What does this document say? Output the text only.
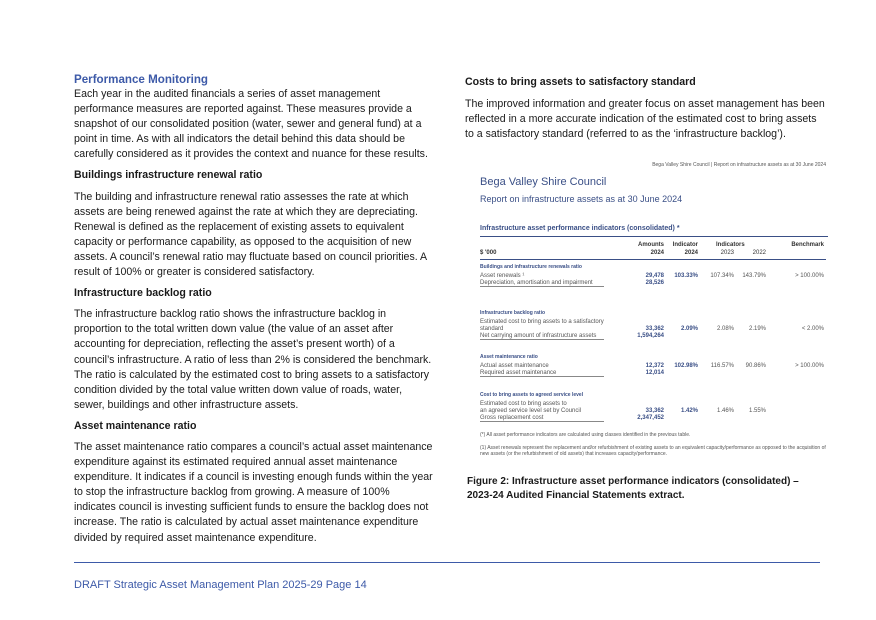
Performance Monitoring

Each year in the audited financials a series of asset management performance measures are reported against. These measures provide a snapshot of our consolidated position (water, sewer and general fund) at a point in time. As with all indicators the detail behind this data should be carefully considered as it provides the context and nuance for these results.

Buildings infrastructure renewal ratio

The building and infrastructure renewal ratio assesses the rate at which assets are being renewed against the rate at which they are depreciating. Renewal is defined as the replacement of existing assets to equivalent capacity or performance capability, as opposed to the acquisition of new assets. A council’s renewal ratio may fluctuate based on council priorities. A result of 100% or greater is considered satisfactory.

Infrastructure backlog ratio

The infrastructure backlog ratio shows the infrastructure backlog in proportion to the total written down value (the value of an asset after accounting for depreciation, reflecting the asset’s present worth) of a council’s infrastructure. A ratio of less than 2% is considered the benchmark. The ratio is calculated by the estimated cost to bring assets to a satisfactory condition divided by the total value written down value of roads, water, sewer, buildings and other infrastructure assets.

Asset maintenance ratio

The asset maintenance ratio compares a council’s actual asset maintenance expenditure against its estimated required annual asset maintenance expenditure. It indicates if a council is investing enough funds within the year to stop the infrastructure backlog from growing. A measure of 100% indicates council is investing sufficient funds to ensure the backlog does not increase. The ratio is calculated by actual asset maintenance expenditure divided by required asset maintenance expenditure.

Costs to bring assets to satisfactory standard

The improved information and greater focus on asset management has been reflected in a more accurate indication of the estimated cost to bring assets to a satisfactory standard (referred to as the ‘infrastructure backlog’).

Bega Valley Shire Council | Report on infrastructure assets as at 30 June 2024
Bega Valley Shire Council
Report on infrastructure assets as at 30 June 2024
Infrastructure asset performance indicators (consolidated) *
Amounts	Indicator	Indicators	Benchmark
$ '000	2024	2024	2023	2022
Buildings and infrastructure renewals ratio
Asset renewals ¹	29,478	103.33%	107.34%	143.79%	> 100.00%
Depreciation, amortisation and impairment	28,526
Infrastructure backlog ratio
Estimated cost to bring assets to a satisfactory
standard	33,362	2.09%	2.08%	2.19%	< 2.00%
Net carrying amount of infrastructure assets	1,594,264
Asset maintenance ratio
Actual asset maintenance	12,372	102.98%	116.57%	90.86%	> 100.00%
Required asset maintenance	12,014
Cost to bring assets to agreed service level
Estimated cost to bring assets to
an agreed service level set by Council	33,362	1.42%	1.46%	1.55%
Gross replacement cost	2,347,452
(*) All asset performance indicators are calculated using classes identified in the previous table.
(1) Asset renewals represent the replacement and/or refurbishment of existing assets to an equivalent capacity/performance as opposed to the acquisition of new assets (or the refurbishment of old assets) that increases capacity/performance.
Figure 2: Infrastructure asset performance indicators (consolidated) – 2023-24 Audited Financial Statements extract.
DRAFT Strategic Asset Management Plan 2025-29 Page 14
